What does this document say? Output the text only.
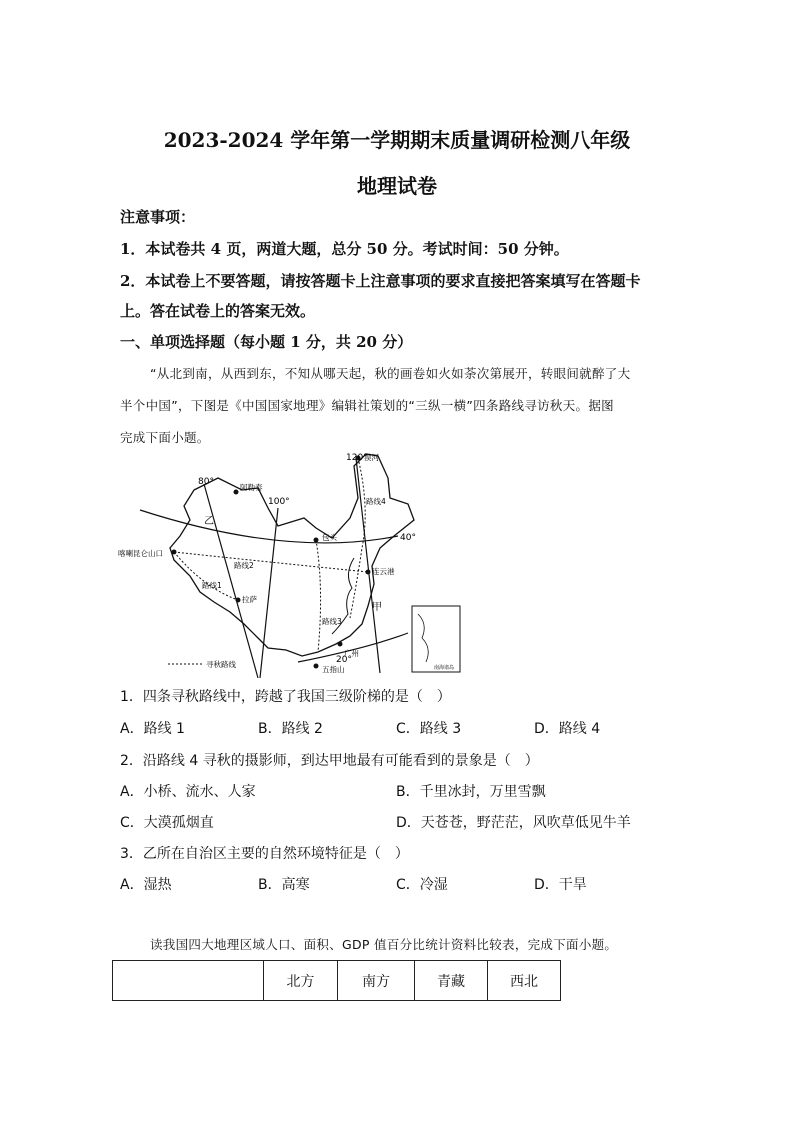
2023-2024 学年第一学期期末质量调研检测八年级
地理试卷
注意事项：
1．本试卷共 4 页，两道大题，总分 50 分。考试时间：50 分钟。
2．本试卷上不要答题，请按答题卡上注意事项的要求直接把答案填写在答题卡
上。答在试卷上的答案无效。
一、单项选择题（每小题 1 分，共 20 分）
“从北到南，从西到东，不知从哪天起，秋的画卷如火如荼次第展开，转眼间就醉了大
半个中国”，下图是《中国国家地理》编辑社策划的“三纵一横”四条路线寻访秋天。据图
完成下面小题。
80°
100°
120°
40°
20°
阿勒泰
漠河
包头
连云港
喀喇昆仑山口
拉萨
广州
五指山
乙
甲
路线1
路线2
路线3
路线4
寻秋路线	南海诸岛
1．四条寻秋路线中，跨越了我国三级阶梯的是（　）
A．路线 1	B．路线 2	C．路线 3	D．路线 4
2．沿路线 4 寻秋的摄影师，到达甲地最有可能看到的景象是（　）
A．小桥、流水、人家	B．千里冰封，万里雪飘
C．大漠孤烟直	D．天苍苍，野茫茫，风吹草低见牛羊
3．乙所在自治区主要的自然环境特征是（　）
A．湿热	B．高寒	C．冷湿	D．干旱
读我国四大地理区域人口、面积、GDP 值百分比统计资料比较表，完成下面小题。
	北方	南方	青藏	西北
